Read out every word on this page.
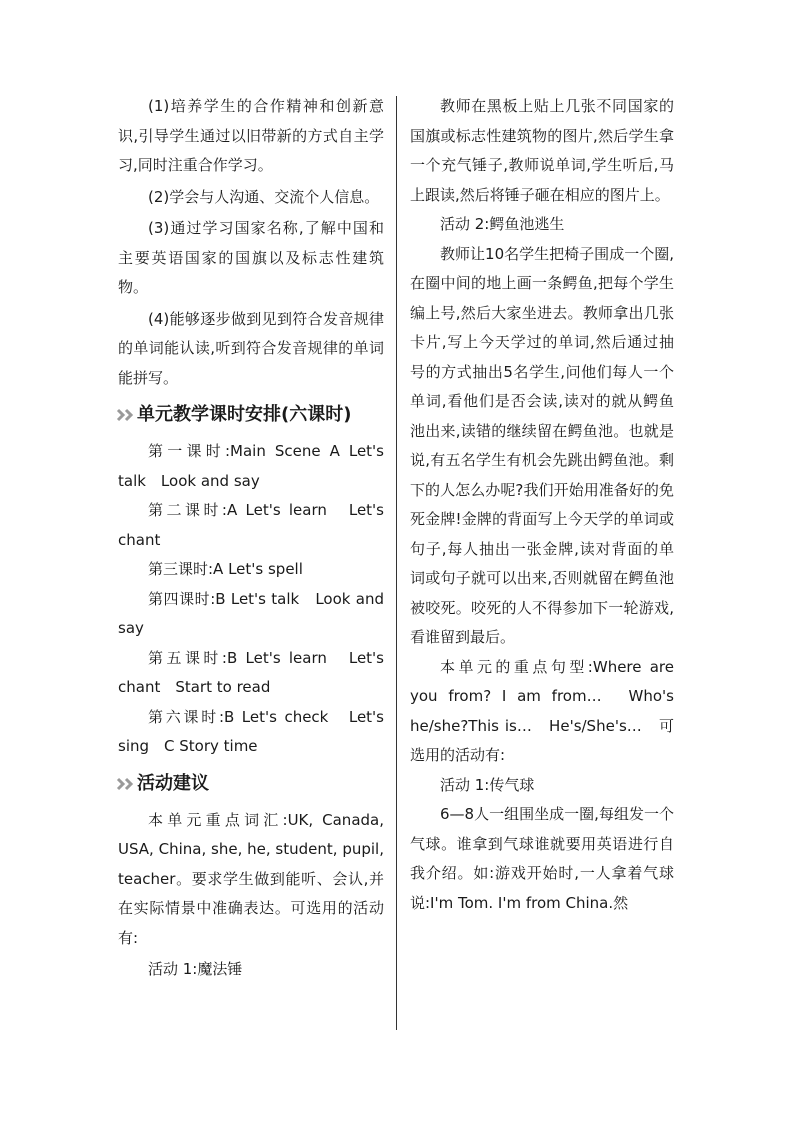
(1)培养学生的合作精神和创新意识,引导学生通过以旧带新的方式自主学习,同时注重合作学习。

(2)学会与人沟通、交流个人信息。

(3)通过学习国家名称,了解中国和主要英语国家的国旗以及标志性建筑物。

(4)能够逐步做到见到符合发音规律的单词能认读,听到符合发音规律的单词能拼写。

单元教学课时安排(六课时)

第一课时:Main Scene A Let's talk　Look and say

第二课时:A Let's learn　Let's chant

第三课时:A Let's spell

第四课时:B Let's talk　Look and say

第五课时:B Let's learn　Let's chant　Start to read

第六课时:B Let's check　Let's sing　C Story time

活动建议

本单元重点词汇:UK, Canada, USA, China, she, he, student, pupil, teacher。要求学生做到能听、会认,并在实际情景中准确表达。可选用的活动有:

活动 1:魔法锤

教师在黑板上贴上几张不同国家的国旗或标志性建筑物的图片,然后学生拿一个充气锤子,教师说单词,学生听后,马上跟读,然后将锤子砸在相应的图片上。

活动 2:鳄鱼池逃生

教师让10名学生把椅子围成一个圈,在圈中间的地上画一条鳄鱼,把每个学生编上号,然后大家坐进去。教师拿出几张卡片,写上今天学过的单词,然后通过抽号的方式抽出5名学生,问他们每人一个单词,看他们是否会读,读对的就从鳄鱼池出来,读错的继续留在鳄鱼池。也就是说,有五名学生有机会先跳出鳄鱼池。剩下的人怎么办呢?我们开始用准备好的免死金牌!金牌的背面写上今天学的单词或句子,每人抽出一张金牌,读对背面的单词或句子就可以出来,否则就留在鳄鱼池被咬死。咬死的人不得参加下一轮游戏,看谁留到最后。

本单元的重点句型:Where are you from? I am from…　Who's he/she?This is…　He's/She's…　可选用的活动有:

活动 1:传气球

6—8人一组围坐成一圈,每组发一个气球。谁拿到气球谁就要用英语进行自我介绍。如:游戏开始时,一人拿着气球说:I'm Tom. I'm from China.然
